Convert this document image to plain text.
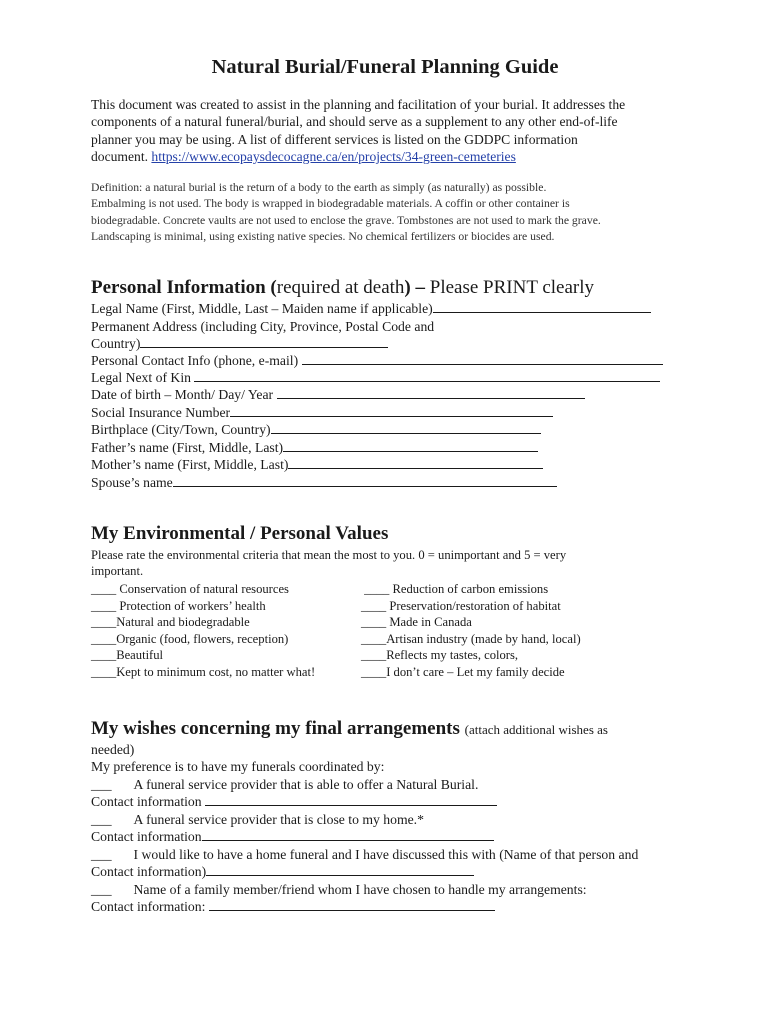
Natural Burial/Funeral Planning Guide
This document was created to assist in the planning and facilitation of your burial. It addresses the
components of a natural funeral/burial, and should serve as a supplement to any other end-of-life
planner you may be using. A list of different services is listed on the GDDPC information
document. https://www.ecopaysdecocagne.ca/en/projects/34-green-cemeteries
Definition: a natural burial is the return of a body to the earth as simply (as naturally) as possible.
Embalming is not used. The body is wrapped in biodegradable materials. A coffin or other container is
biodegradable. Concrete vaults are not used to enclose the grave. Tombstones are not used to mark the grave.
Landscaping is minimal, using existing native species. No chemical fertilizers or biocides are used.
Personal Information (required at death) – Please PRINT clearly
Legal Name (First, Middle, Last – Maiden name if applicable)
Permanent Address (including City, Province, Postal Code and
Country)
Personal Contact Info (phone, e-mail)
Legal Next of Kin
Date of birth – Month/ Day/ Year
Social Insurance Number
Birthplace (City/Town, Country)
Father’s name (First, Middle, Last)
Mother’s name (First, Middle, Last)
Spouse’s name
My Environmental / Personal Values
Please rate the environmental criteria that mean the most to you. 0 = unimportant and 5 = very
important.
____ Conservation of natural resources
____ Protection of workers’ health
____Natural and biodegradable
____Organic (food, flowers, reception)
____Beautiful
____Kept to minimum cost, no matter what!
____ Reduction of carbon emissions
____ Preservation/restoration of habitat
____ Made in Canada
____Artisan industry (made by hand, local)
____Reflects my tastes, colors,
____I don’t care – Let my family decide
My wishes concerning my final arrangements (attach additional wishes as
needed)
My preference is to have my funerals coordinated by:
___ A funeral service provider that is able to offer a Natural Burial.
Contact information
___ A funeral service provider that is close to my home.*
Contact information
___ I would like to have a home funeral and I have discussed this with (Name of that person and
Contact information)
___ Name of a family member/friend whom I have chosen to handle my arrangements:
Contact information:
